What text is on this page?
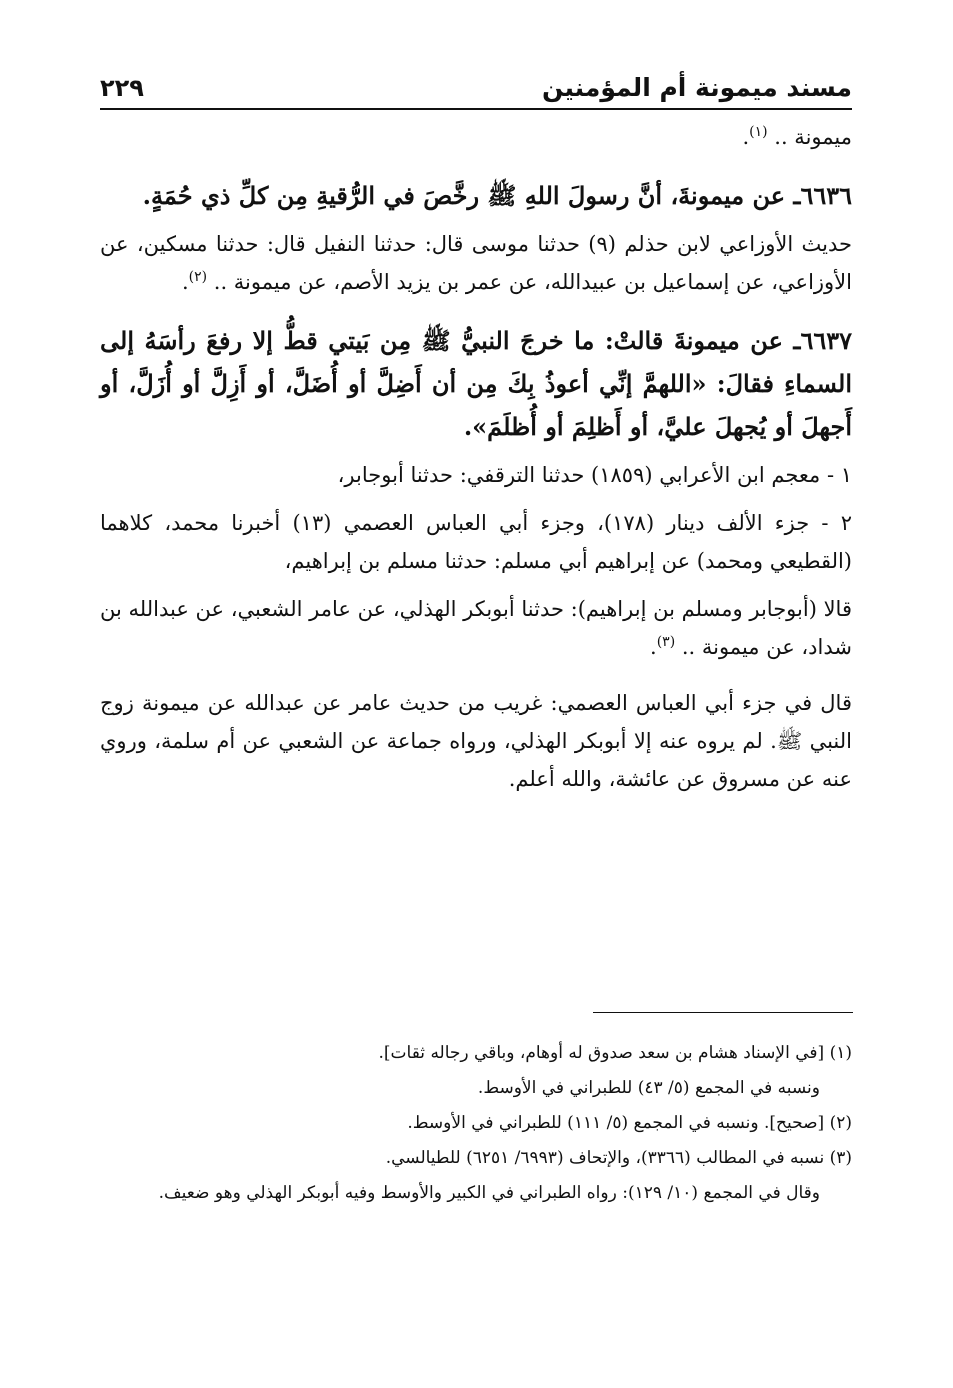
مسند ميمونة أم المؤمنين
٢٢٩

ميمونة .. $^{(١)}$.

٦٦٣٦ـ عن ميمونةَ، أنَّ رسولَ اللهِ ﷺ رخَّصَ في الرُّقيةِ مِن كلِّ ذي حُمَةٍ.

حديث الأوزاعي لابن حذلم (٩) حدثنا موسى قال: حدثنا النفيل قال: حدثنا مسكين، عن الأوزاعي، عن إسماعيل بن عبيدالله، عن عمر بن يزيد الأصم، عن ميمونة .. $^{(٢)}$.

٦٦٣٧ـ عن ميمونةَ قالتْ: ما خرجَ النبيُّ ﷺ مِن بَيتي قطُّ إلا رفعَ رأسَهُ إلى السماءِ فقالَ: «اللهمَّ إنِّي أعوذُ بِكَ مِن أن أَضِلَّ أو أُضَلَّ، أو أَزِلَّ أو أُزَلَّ، أو أَجهلَ أو يُجهلَ عليَّ، أو أَظلِمَ أو أُظلَمَ».

١ - معجم ابن الأعرابي (١٨٥٩) حدثنا الترقفي: حدثنا أبوجابر،

٢ - جزء الألف دينار (١٧٨)، وجزء أبي العباس العصمي (١٣) أخبرنا محمد، كلاهما (القطيعي ومحمد) عن إبراهيم أبي مسلم: حدثنا مسلم بن إبراهيم،

قالا (أبوجابر ومسلم بن إبراهيم): حدثنا أبوبكر الهذلي، عن عامر الشعبي، عن عبدالله بن شداد، عن ميمونة .. $^{(٣)}$.

قال في جزء أبي العباس العصمي: غريب من حديث عامر عن عبدالله عن ميمونة زوج النبي ﷺ. لم يروه عنه إلا أبوبكر الهذلي، ورواه جماعة عن الشعبي عن أم سلمة، وروي عنه عن مسروق عن عائشة، والله أعلم.

(١) [في الإسناد هشام بن سعد صدوق له أوهام، وباقي رجاله ثقات].

ونسبه في المجمع (٥/ ٤٣) للطبراني في الأوسط.

(٢) [صحيح]. ونسبه في المجمع (٥/ ١١١) للطبراني في الأوسط.

(٣) نسبه في المطالب (٣٣٦٦)، والإتحاف (٦٩٩٣/ ٦٢٥١) للطيالسي.

وقال في المجمع (١٠/ ١٢٩): رواه الطبراني في الكبير والأوسط وفيه أبوبكر الهذلي وهو ضعيف.
